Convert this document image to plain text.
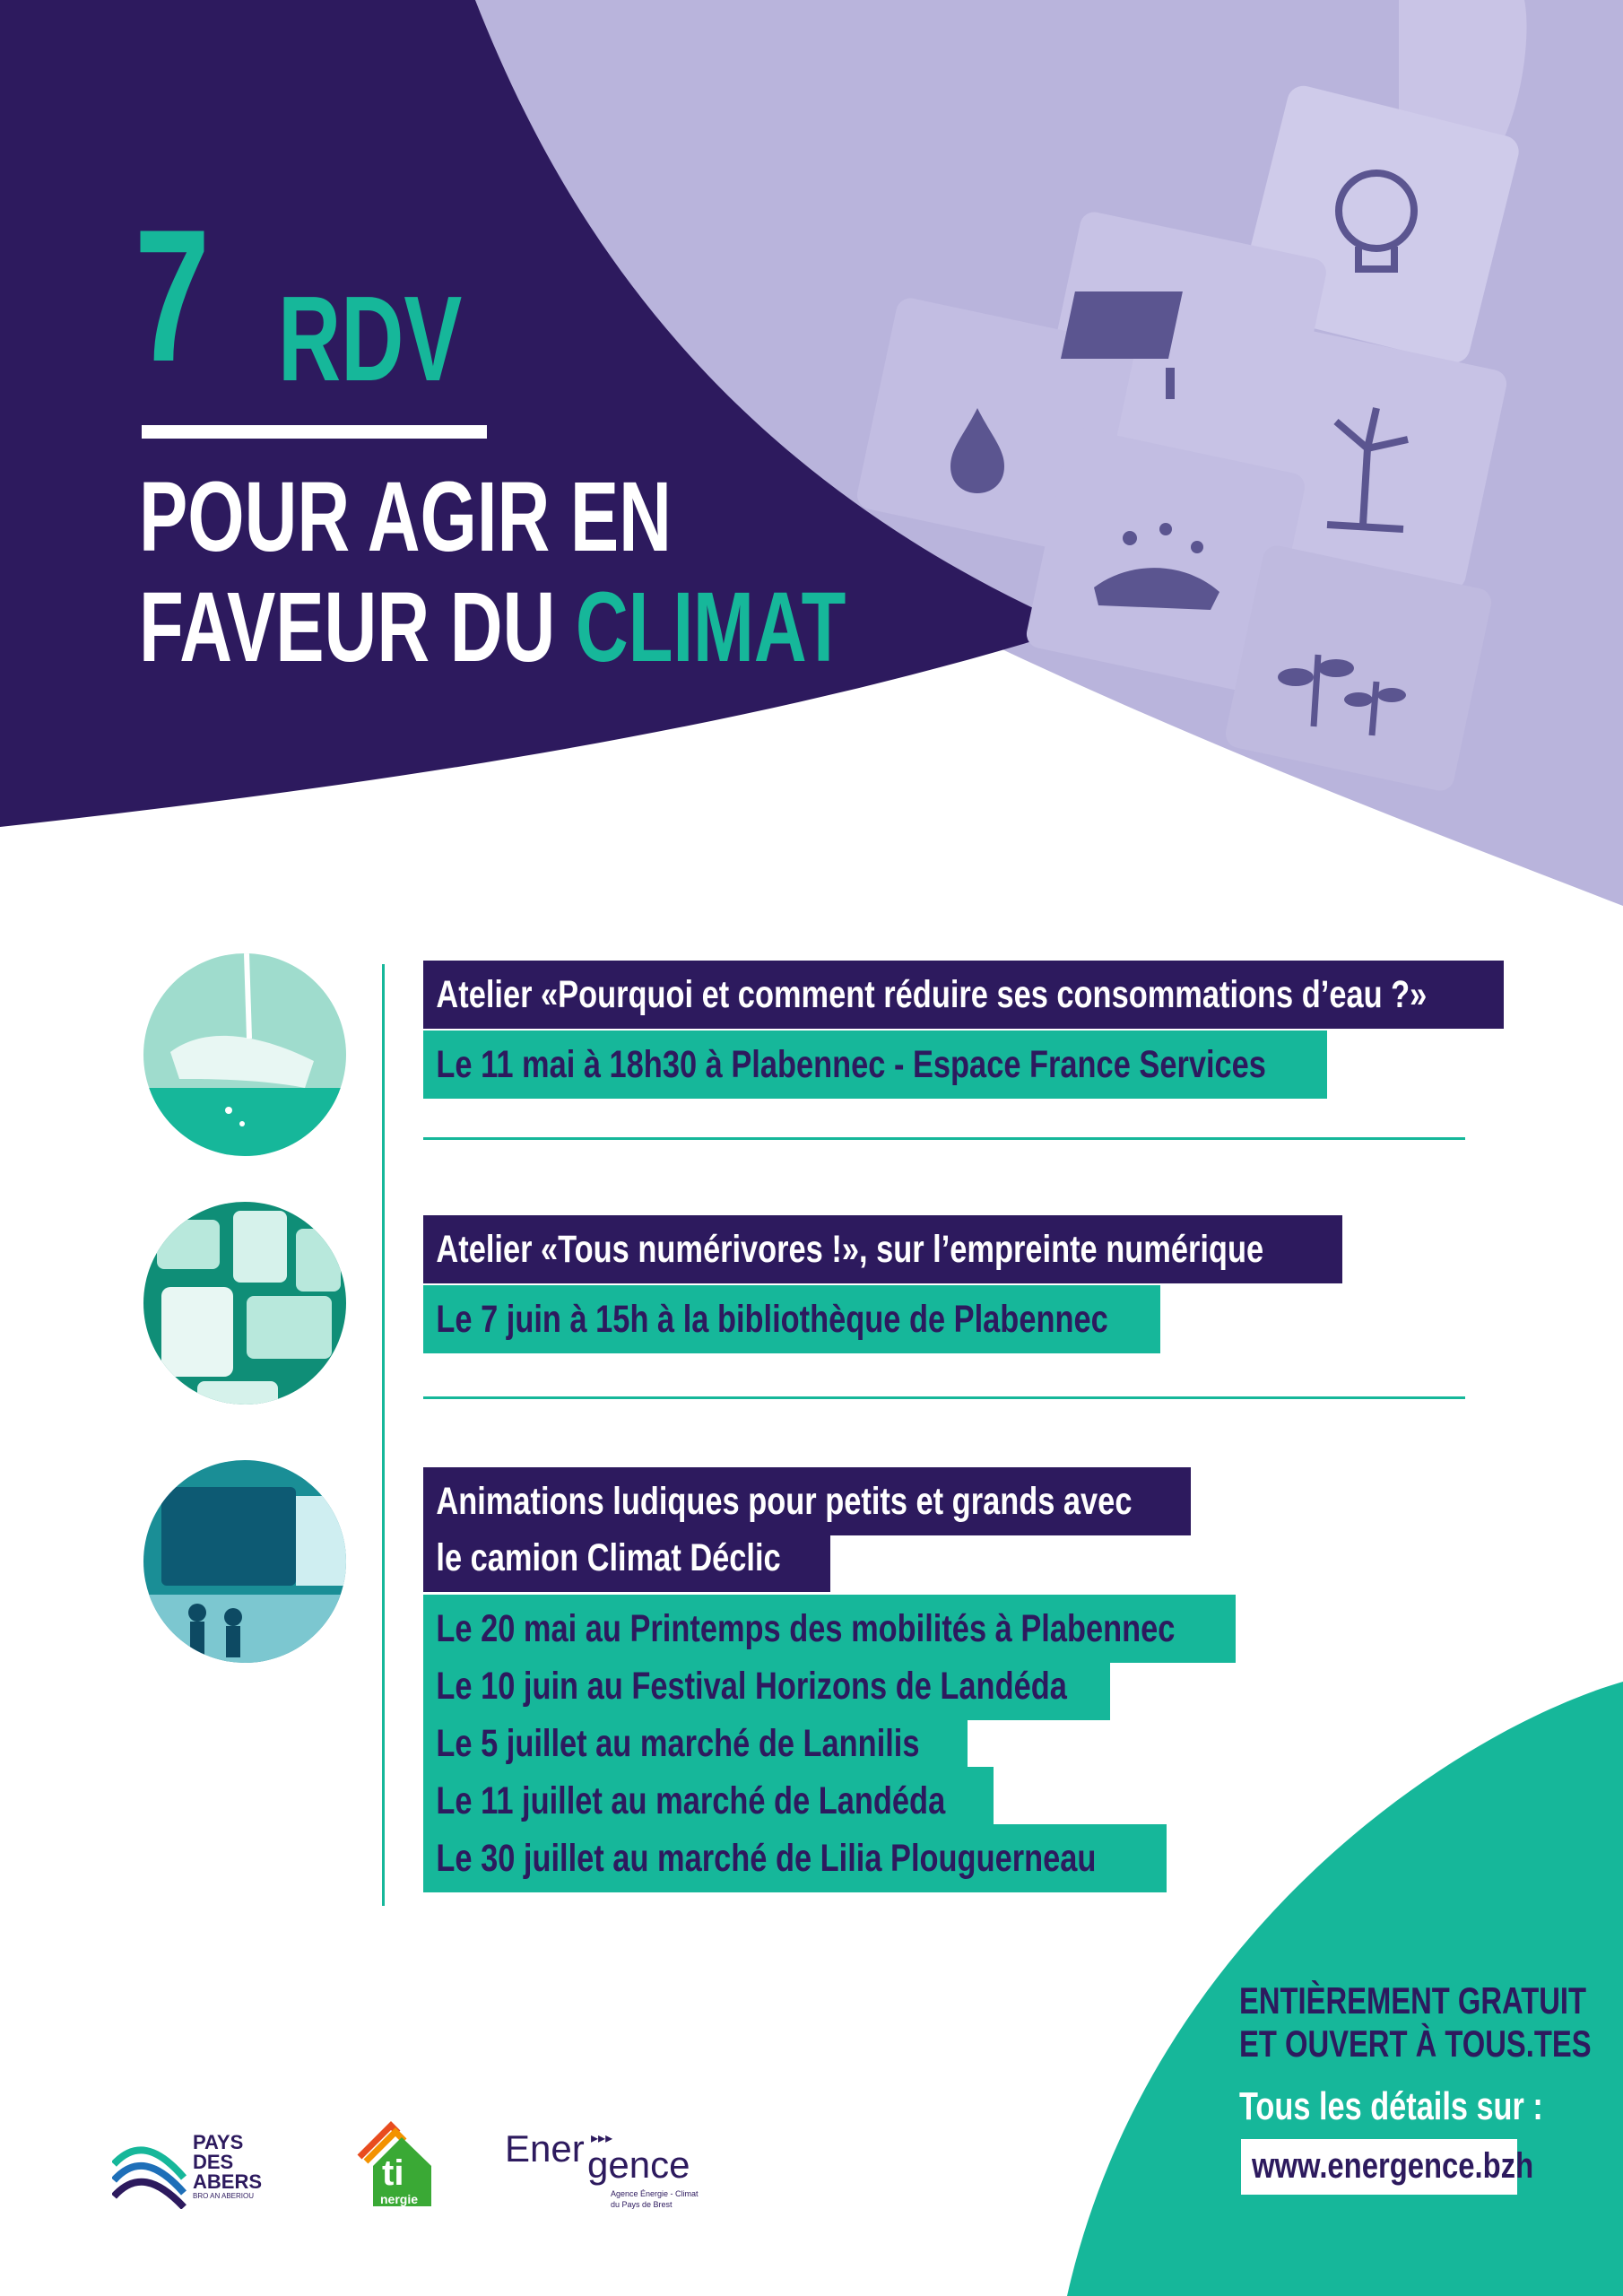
7 RDV
POUR AGIR EN
FAVEUR DU CLIMAT
Atelier «Pourquoi et comment réduire ses consommations d’eau ?»
Le 11 mai à 18h30 à Plabennec - Espace France Services
Atelier «Tous numérivores !», sur l’empreinte numérique
Le 7 juin à 15h à la bibliothèque de Plabennec
Animations ludiques pour petits et grands avec
le camion Climat Déclic
Le 20 mai au Printemps des mobilités à Plabennec
Le 10 juin au Festival Horizons de Landéda
Le 5 juillet au marché de Lannilis
Le 11 juillet au marché de Landéda
Le 30 juillet au marché de Lilia Plouguerneau
ENTIÈREMENT GRATUIT
ET OUVERT À TOUS.TES
Tous les détails sur :
www.energence.bzh
PAYS
DES
ABERS
BRO AN ABERIOU
ti
nergie
Ener ▸▸▸
gence
Agence Énergie - Climat
du Pays de Brest
